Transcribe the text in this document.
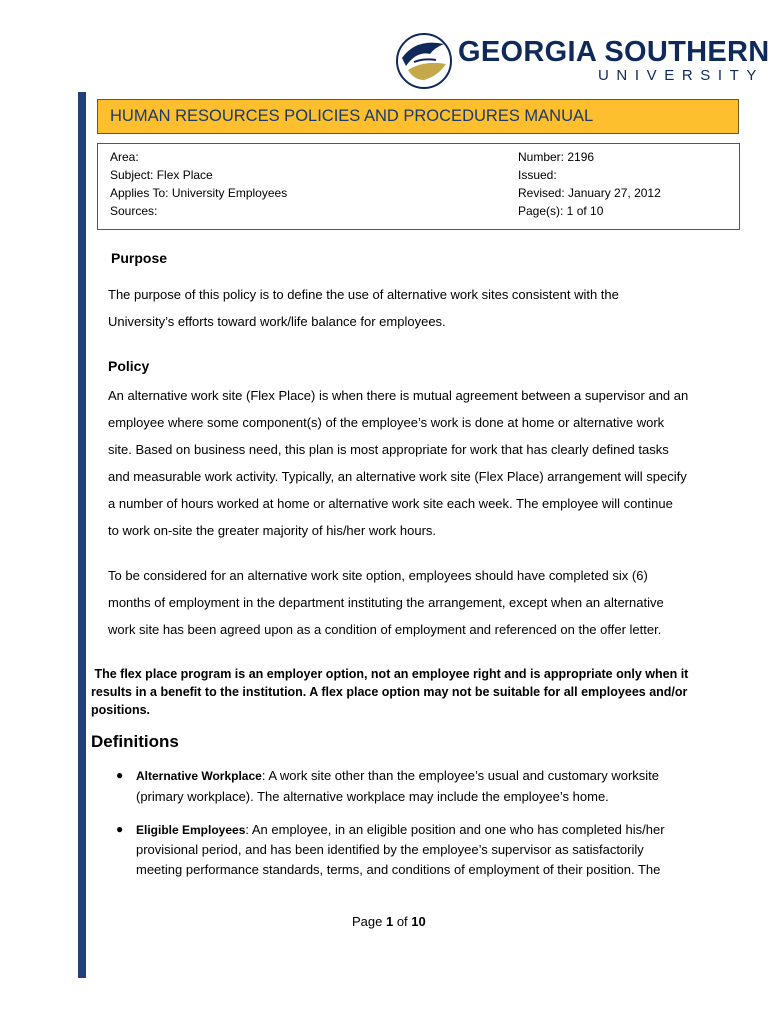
GEORGIA SOUTHERN
UNIVERSITY
HUMAN RESOURCES POLICIES AND PROCEDURES MANUAL
Area:
Subject: Flex Place
Applies To: University Employees
Sources:
Number: 2196
Issued:
Revised: January 27, 2012
Page(s): 1 of 10
Purpose
The purpose of this policy is to define the use of alternative work sites consistent with the
University’s efforts toward work/life balance for employees.
Policy
An alternative work site (Flex Place) is when there is mutual agreement between a supervisor and an
employee where some component(s) of the employee’s work is done at home or alternative work
site. Based on business need, this plan is most appropriate for work that has clearly defined tasks
and measurable work activity. Typically, an alternative work site (Flex Place) arrangement will specify
a number of hours worked at home or alternative work site each week. The employee will continue
to work on-site the greater majority of his/her work hours.
To be considered for an alternative work site option, employees should have completed six (6)
months of employment in the department instituting the arrangement, except when an alternative
work site has been agreed upon as a condition of employment and referenced on the offer letter.
The flex place program is an employer option, not an employee right and is appropriate only when it
results in a benefit to the institution. A flex place option may not be suitable for all employees and/or
positions.
Definitions
● Alternative Workplace: A work site other than the employee’s usual and customary worksite
(primary workplace). The alternative workplace may include the employee’s home.
● Eligible Employees: An employee, in an eligible position and one who has completed his/her
provisional period, and has been identified by the employee’s supervisor as satisfactorily
meeting performance standards, terms, and conditions of employment of their position. The
Page 1 of 10
